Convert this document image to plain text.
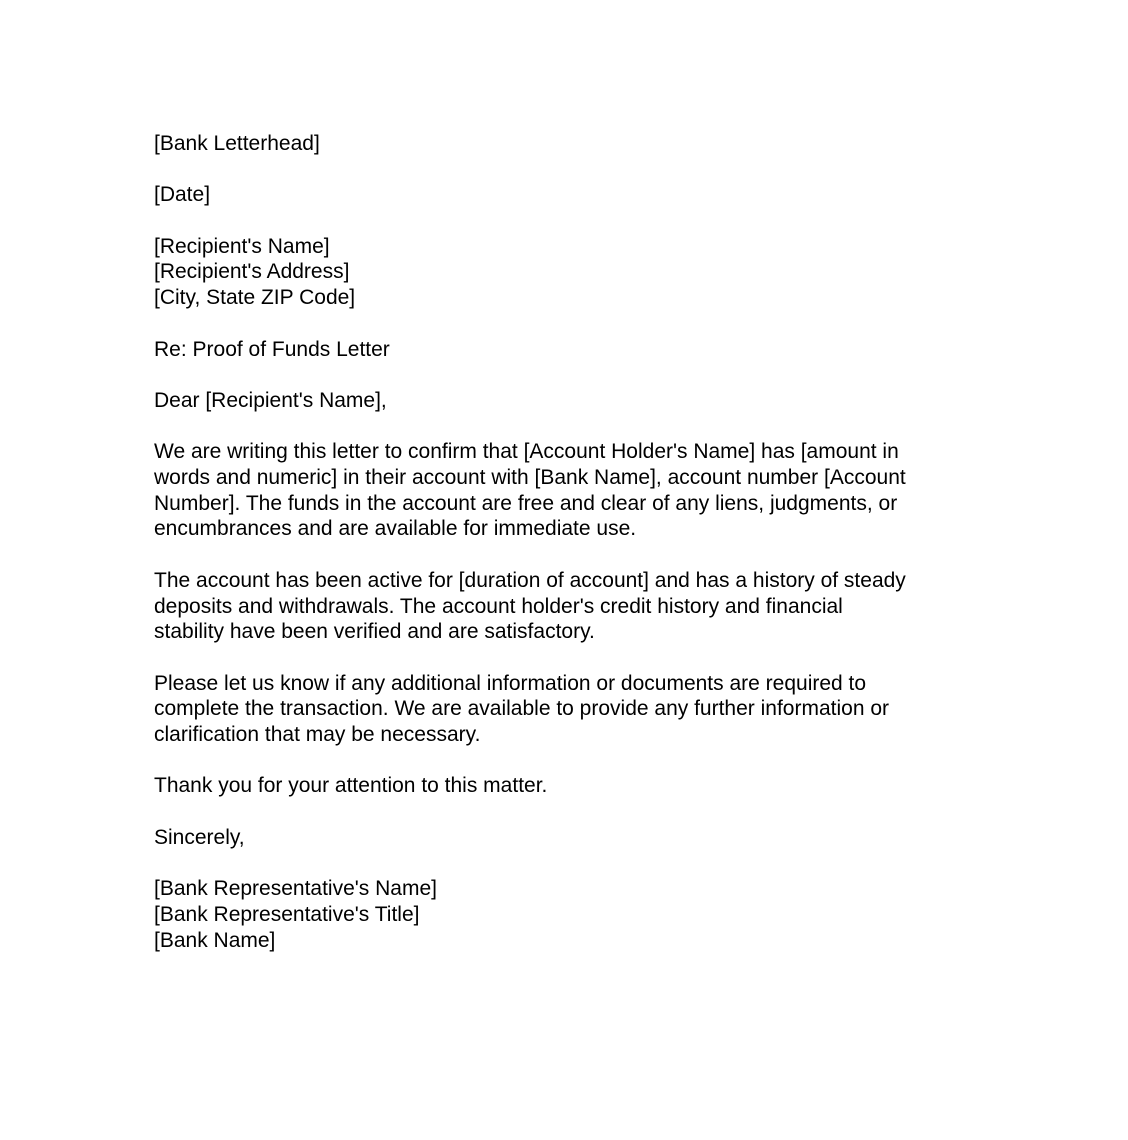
[Bank Letterhead]

[Date]

[Recipient's Name]
[Recipient's Address]
[City, State ZIP Code]

Re: Proof of Funds Letter

Dear [Recipient's Name],

We are writing this letter to confirm that [Account Holder's Name] has [amount in
words and numeric] in their account with [Bank Name], account number [Account
Number]. The funds in the account are free and clear of any liens, judgments, or
encumbrances and are available for immediate use.

The account has been active for [duration of account] and has a history of steady
deposits and withdrawals. The account holder's credit history and financial
stability have been verified and are satisfactory.

Please let us know if any additional information or documents are required to
complete the transaction. We are available to provide any further information or
clarification that may be necessary.

Thank you for your attention to this matter.

Sincerely,

[Bank Representative's Name]
[Bank Representative's Title]
[Bank Name]
